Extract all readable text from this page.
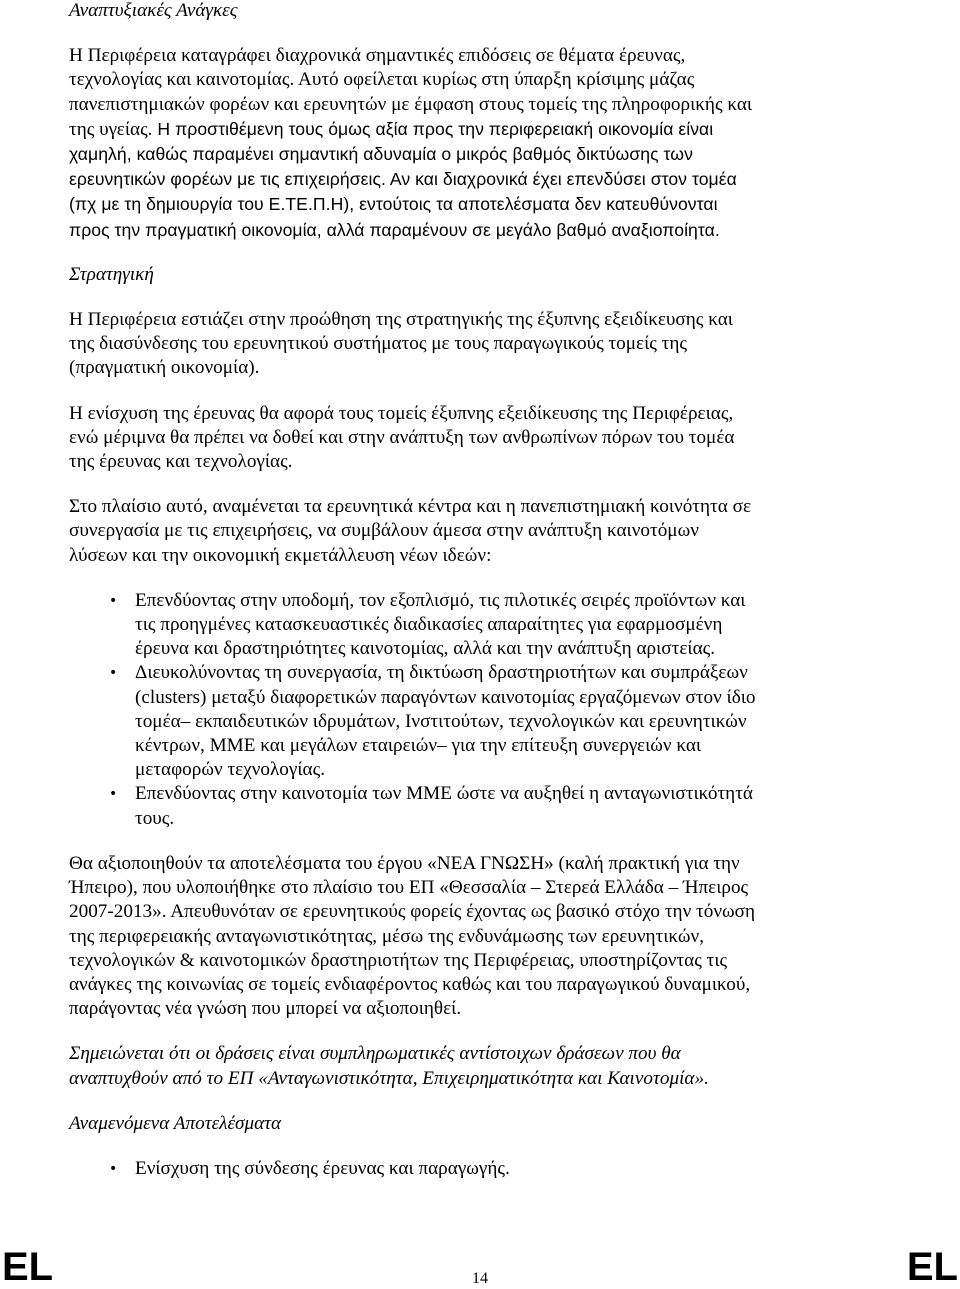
Αναπτυξιακές Ανάγκες
Η Περιφέρεια καταγράφει διαχρονικά σημαντικές επιδόσεις σε θέματα έρευνας,
τεχνολογίας και καινοτομίας. Αυτό οφείλεται κυρίως στη ύπαρξη κρίσιμης μάζας
πανεπιστημιακών φορέων και ερευνητών με έμφαση στους τομείς της πληροφορικής και
της υγείας. Η προστιθέμενη τους όμως αξία προς την περιφερειακή οικονομία είναι
χαμηλή, καθώς παραμένει σημαντική αδυναμία ο μικρός βαθμός δικτύωσης των
ερευνητικών φορέων με τις επιχειρήσεις. Αν και διαχρονικά έχει επενδύσει στον τομέα
(πχ με τη δημιουργία του Ε.ΤΕ.Π.Η), εντούτοις τα αποτελέσματα δεν κατευθύνονται
προς την πραγματική οικονομία, αλλά παραμένουν σε μεγάλο βαθμό αναξιοποίητα.
Στρατηγική
Η Περιφέρεια εστιάζει στην προώθηση της στρατηγικής της έξυπνης εξειδίκευσης και
της διασύνδεσης του ερευνητικού συστήματος με τους παραγωγικούς τομείς της
(πραγματική οικονομία).
Η ενίσχυση της έρευνας θα αφορά τους τομείς έξυπνης εξειδίκευσης της Περιφέρειας,
ενώ μέριμνα θα πρέπει να δοθεί και στην ανάπτυξη των ανθρωπίνων πόρων του τομέα
της έρευνας και τεχνολογίας.
Στο πλαίσιο αυτό, αναμένεται τα ερευνητικά κέντρα και η πανεπιστημιακή κοινότητα σε
συνεργασία με τις επιχειρήσεις, να συμβάλουν άμεσα στην ανάπτυξη καινοτόμων
λύσεων και την οικονομική εκμετάλλευση νέων ιδεών:
• Επενδύοντας στην υποδομή, τον εξοπλισμό, τις πιλοτικές σειρές προϊόντων και
τις προηγμένες κατασκευαστικές διαδικασίες απαραίτητες για εφαρμοσμένη
έρευνα και δραστηριότητες καινοτομίας, αλλά και την ανάπτυξη αριστείας.
• Διευκολύνοντας τη συνεργασία, τη δικτύωση δραστηριοτήτων και συμπράξεων
(clusters) μεταξύ διαφορετικών παραγόντων καινοτομίας εργαζόμενων στον ίδιο
τομέα– εκπαιδευτικών ιδρυμάτων, Ινστιτούτων, τεχνολογικών και ερευνητικών
κέντρων, ΜΜΕ και μεγάλων εταιρειών– για την επίτευξη συνεργειών και
μεταφορών τεχνολογίας.
• Επενδύοντας στην καινοτομία των ΜΜΕ ώστε να αυξηθεί η ανταγωνιστικότητά
τους.
Θα αξιοποιηθούν τα αποτελέσματα του έργου «ΝΕΑ ΓΝΩΣΗ» (καλή πρακτική για την
Ήπειρο), που υλοποιήθηκε στο πλαίσιο του ΕΠ «Θεσσαλία – Στερεά Ελλάδα – Ήπειρος
2007-2013». Απευθυνόταν σε ερευνητικούς φορείς έχοντας ως βασικό στόχο την τόνωση
της περιφερειακής ανταγωνιστικότητας, μέσω της ενδυνάμωσης των ερευνητικών,
τεχνολογικών & καινοτομικών δραστηριοτήτων της Περιφέρειας, υποστηρίζοντας τις
ανάγκες της κοινωνίας σε τομείς ενδιαφέροντος καθώς και του παραγωγικού δυναμικού,
παράγοντας νέα γνώση που μπορεί να αξιοποιηθεί.
Σημειώνεται ότι οι δράσεις είναι συμπληρωματικές αντίστοιχων δράσεων που θα
αναπτυχθούν από το ΕΠ «Ανταγωνιστικότητα, Επιχειρηματικότητα και Καινοτομία».
Αναμενόμενα Αποτελέσματα
• Ενίσχυση της σύνδεσης έρευνας και παραγωγής.
EL	EL
14
